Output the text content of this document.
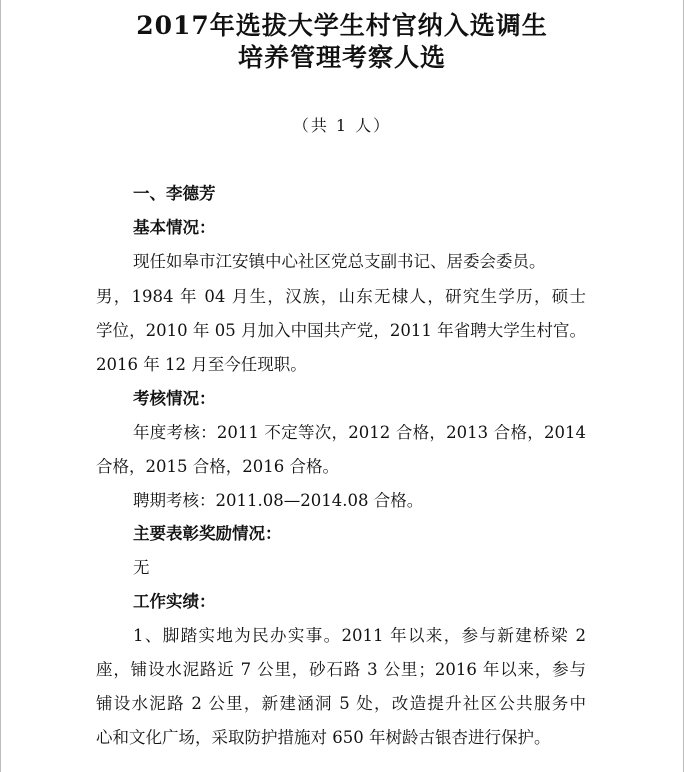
2017年选拔大学生村官纳入选调生
培养管理考察人选
（共 1 人）
一、李德芳
基本情况：
现任如皋市江安镇中心社区党总支副书记、居委会委员。
男，1984 年 04 月生，汉族，山东无棣人，研究生学历，硕士
学位，2010 年 05 月加入中国共产党，2011 年省聘大学生村官。
2016 年 12 月至今任现职。
考核情况：
年度考核：2011 不定等次，2012 合格，2013 合格，2014
合格，2015 合格，2016 合格。
聘期考核：2011.08—2014.08 合格。
主要表彰奖励情况：
无
工作实绩：
1、脚踏实地为民办实事。2011 年以来，参与新建桥梁 2
座，铺设水泥路近 7 公里，砂石路 3 公里；2016 年以来，参与
铺设水泥路 2 公里，新建涵洞 5 处，改造提升社区公共服务中
心和文化广场，采取防护措施对 650 年树龄古银杏进行保护。
